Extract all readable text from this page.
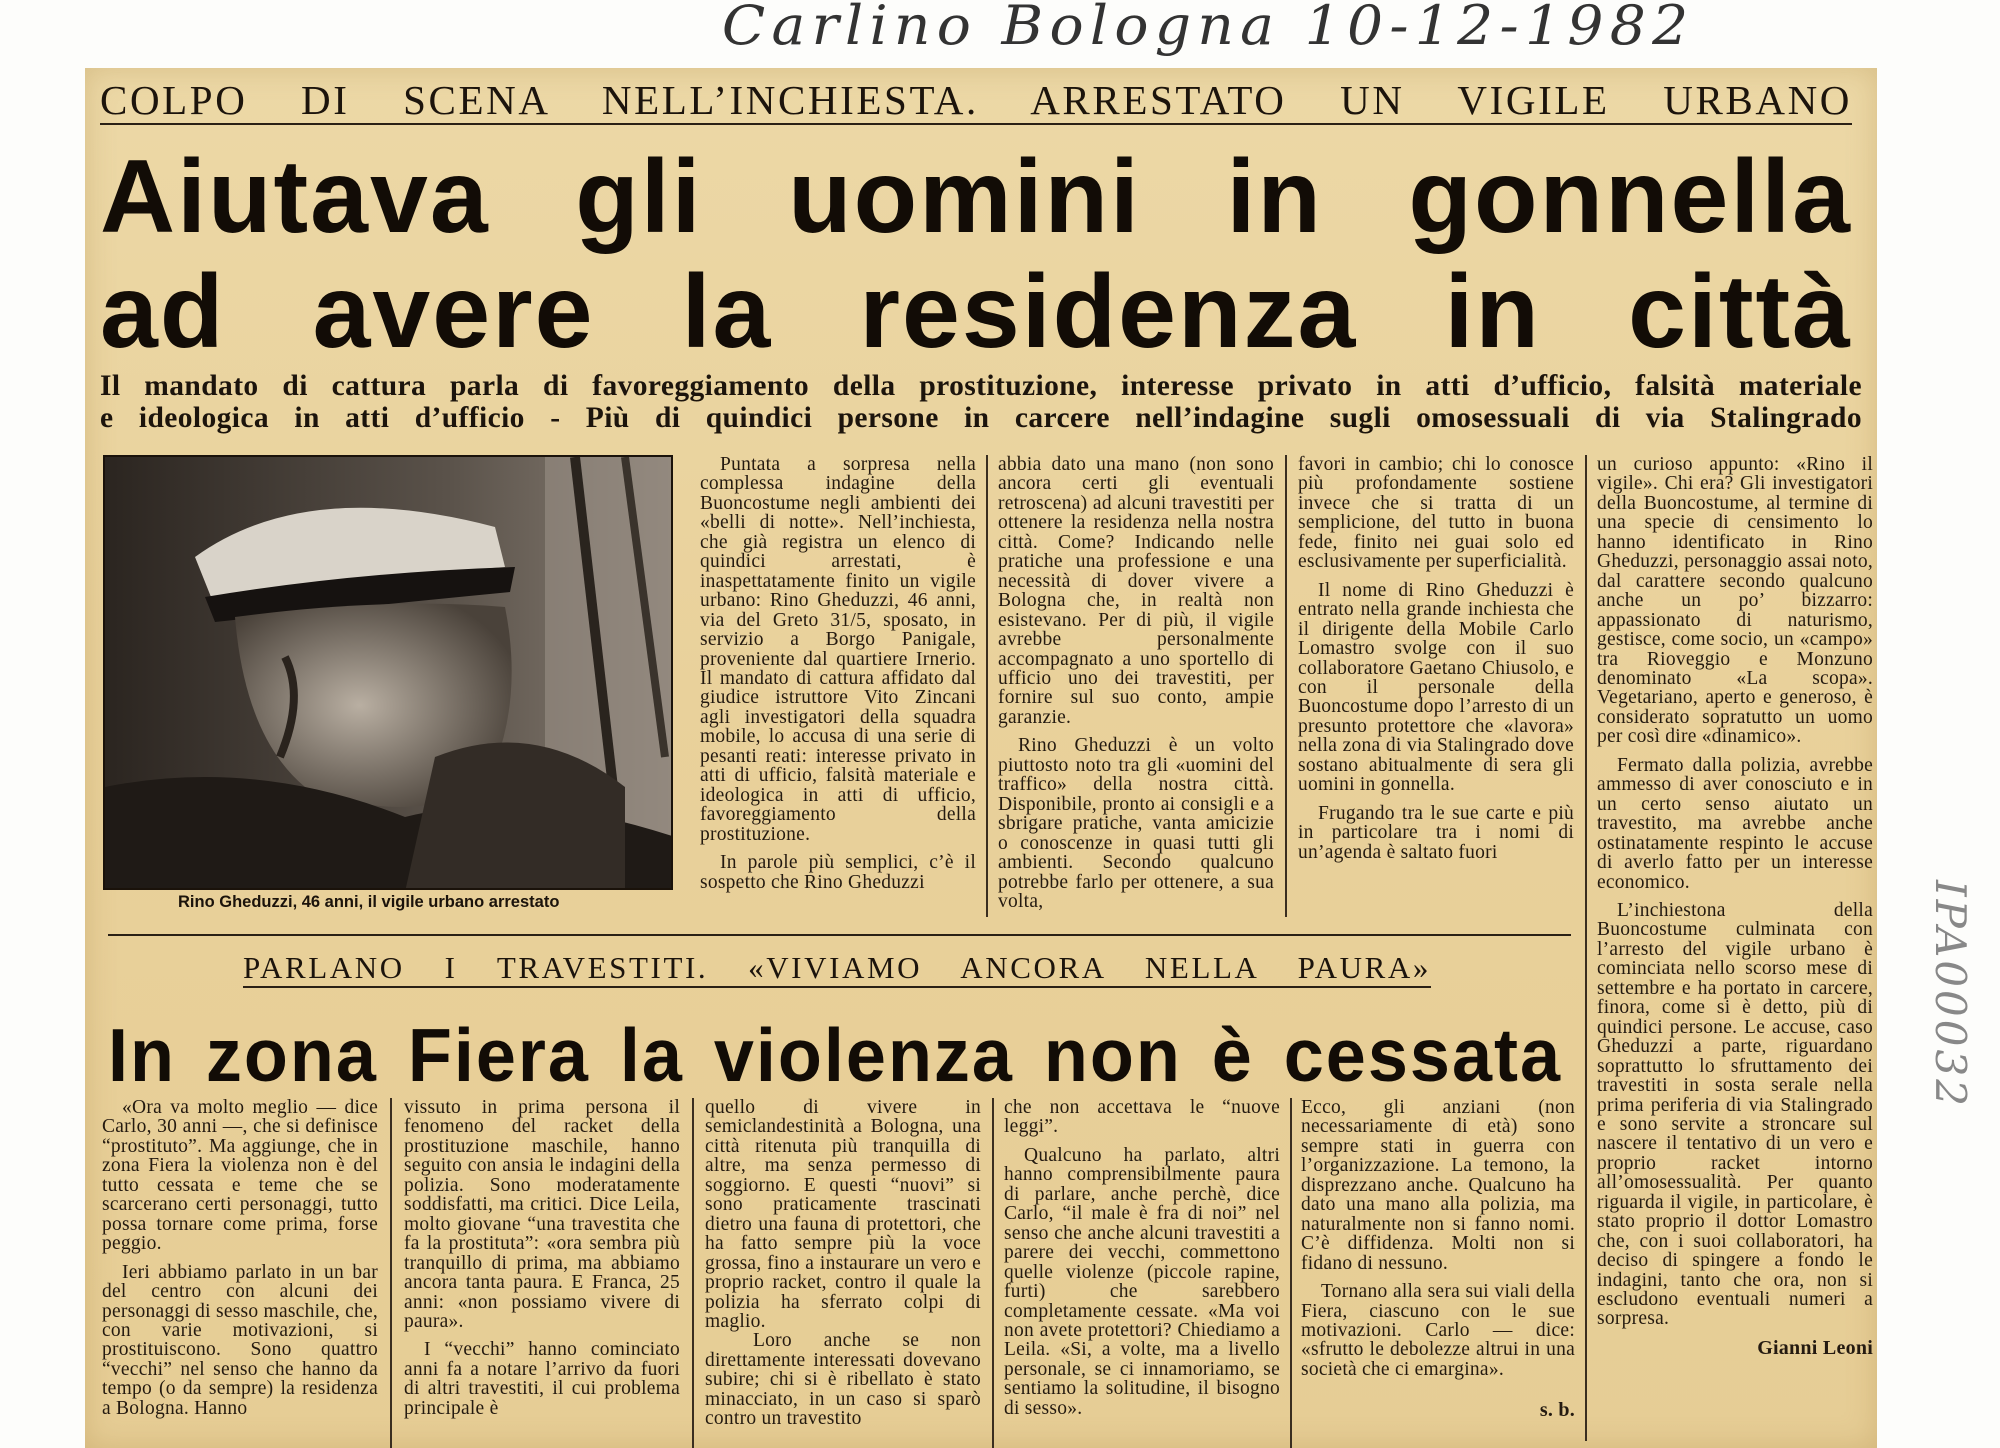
Carlino Bologna 10-12-1982
IPA00032
COLPO DI SCENA NELL’INCHIESTA. ARRESTATO UN VIGILE URBANO
Aiutava gli uomini in gonnella
ad avere la residenza in città
Il mandato di cattura parla di favoreggiamento della prostituzione, interesse privato in atti d’ufficio, falsità materiale
e ideologica in atti d’ufficio - Più di quindici persone in carcere nell’indagine sugli omosessuali di via Stalingrado
Rino Gheduzzi, 46 anni, il vigile urbano arrestato

Puntata a sorpresa nella complessa indagine della Buoncostume negli ambienti dei «belli di notte». Nell’inchiesta, che già registra un elenco di quindici arrestati, è inaspettatamente finito un vigile urbano: Rino Gheduzzi, 46 anni, via del Greto 31/5, sposato, in servizio a Borgo Panigale, proveniente dal quartiere Irnerio. Il mandato di cattura affidato dal giudice istruttore Vito Zincani agli investigatori della squadra mobile, lo accusa di una serie di pesanti reati: interesse privato in atti di ufficio, falsità materiale e ideologica in atti di ufficio, favoreggiamento della prostituzione.

In parole più semplici, c’è il sospetto che Rino Gheduzzi

abbia dato una mano (non sono ancora certi gli eventuali retroscena) ad alcuni travestiti per ottenere la residenza nella nostra città. Come? Indicando nelle pratiche una professione e una necessità di dover vivere a Bologna che, in realtà non esistevano. Per di più, il vigile avrebbe personalmente accompagnato a uno sportello di ufficio uno dei travestiti, per fornire sul suo conto, ampie garanzie.

Rino Gheduzzi è un volto piuttosto noto tra gli «uomini del traffico» della nostra città. Disponibile, pronto ai consigli e a sbrigare pratiche, vanta amicizie o conoscenze in quasi tutti gli ambienti. Secondo qualcuno potrebbe farlo per ottenere, a sua volta,

favori in cambio; chi lo conosce più profondamente sostiene invece che si tratta di un semplicione, del tutto in buona fede, finito nei guai solo ed esclusivamente per superficialità.

Il nome di Rino Gheduzzi è entrato nella grande inchiesta che il dirigente della Mobile Carlo Lomastro svolge con il suo collaboratore Gaetano Chiusolo, e con il personale della Buoncostume dopo l’arresto di un presunto protettore che «lavora» nella zona di via Stalingrado dove sostano abitualmente di sera gli uomini in gonnella.

Frugando tra le sue carte e più in particolare tra i nomi di un’agenda è saltato fuori

un curioso appunto: «Rino il vigile». Chi era? Gli investigatori della Buoncostume, al termine di una specie di censimento lo hanno identificato in Rino Gheduzzi, personaggio assai noto, dal carattere secondo qualcuno anche un po’ bizzarro: appassionato di naturismo, gestisce, come socio, un «campo» tra Rioveggio e Monzuno denominato «La scopa». Vegetariano, aperto e generoso, è considerato sopratutto un uomo per così dire «dinamico».

Fermato dalla polizia, avrebbe ammesso di aver conosciuto e in un certo senso aiutato un travestito, ma avrebbe anche ostinatamente respinto le accuse di averlo fatto per un interesse economico.

L’inchiestona della Buoncostume culminata con l’arresto del vigile urbano è cominciata nello scorso mese di settembre e ha portato in carcere, finora, come si è detto, più di quindici persone. Le accuse, caso Gheduzzi a parte, riguardano soprattutto lo sfruttamento dei travestiti in sosta serale nella prima periferia di via Stalingrado e sono servite a stroncare sul nascere il tentativo di un vero e proprio racket intorno all’omosessualità. Per quanto riguarda il vigile, in particolare, è stato proprio il dottor Lomastro che, con i suoi collaboratori, ha deciso di spingere a fondo le indagini, tanto che ora, non si escludono eventuali numeri a sorpresa.

Gianni Leoni
PARLANO I TRAVESTITI. «VIVIAMO ANCORA NELLA PAURA»
In zona Fiera la violenza non è cessata

«Ora va molto meglio — dice Carlo, 30 anni —, che si definisce “prostituto”. Ma aggiunge, che in zona Fiera la violenza non è del tutto cessata e teme che se scarcerano certi personaggi, tutto possa tornare come prima, forse peggio.

Ieri abbiamo parlato in un bar del centro con alcuni dei personaggi di sesso maschile, che, con varie motivazioni, si prostituiscono. Sono quattro “vecchi” nel senso che hanno da tempo (o da sempre) la residenza a Bologna. Hanno

vissuto in prima persona il fenomeno del racket della prostituzione maschile, hanno seguito con ansia le indagini della polizia. Sono moderatamente soddisfatti, ma critici. Dice Leila, molto giovane “una travestita che fa la prostituta”: «ora sembra più tranquillo di prima, ma abbiamo ancora tanta paura. E Franca, 25 anni: «non possiamo vivere di paura».

I “vecchi” hanno cominciato anni fa a notare l’arrivo da fuori di altri travestiti, il cui problema principale è

quello di vivere in semiclandestinità a Bologna, una città ritenuta più tranquilla di altre, ma senza permesso di soggiorno. E questi “nuovi” si sono praticamente trascinati dietro una fauna di protettori, che ha fatto sempre più la voce grossa, fino a instaurare un vero e proprio racket, contro il quale la polizia ha sferrato colpi di maglio.

Loro anche se non direttamente interessati dovevano subire; chi si è ribellato è stato minacciato, in un caso si sparò contro un travestito

che non accettava le “nuove leggi”.

Qualcuno ha parlato, altri hanno comprensibilmente paura di parlare, anche perchè, dice Carlo, “il male è fra di noi” nel senso che anche alcuni travestiti a parere dei vecchi, commettono quelle violenze (piccole rapine, furti) che sarebbero completamente cessate. «Ma voi non avete protettori? Chiediamo a Leila. «Si, a volte, ma a livello personale, se ci innamoriamo, se sentiamo la solitudine, il bisogno di sesso».

Ecco, gli anziani (non necessariamente di età) sono sempre stati in guerra con l’organizzazione. La temono, la disprezzano anche. Qualcuno ha dato una mano alla polizia, ma naturalmente non si fanno nomi. C’è diffidenza. Molti non si fidano di nessuno.

Tornano alla sera sui viali della Fiera, ciascuno con le sue motivazioni. Carlo — dice: «sfrutto le debolezze altrui in una società che ci emargina».

s. b.
